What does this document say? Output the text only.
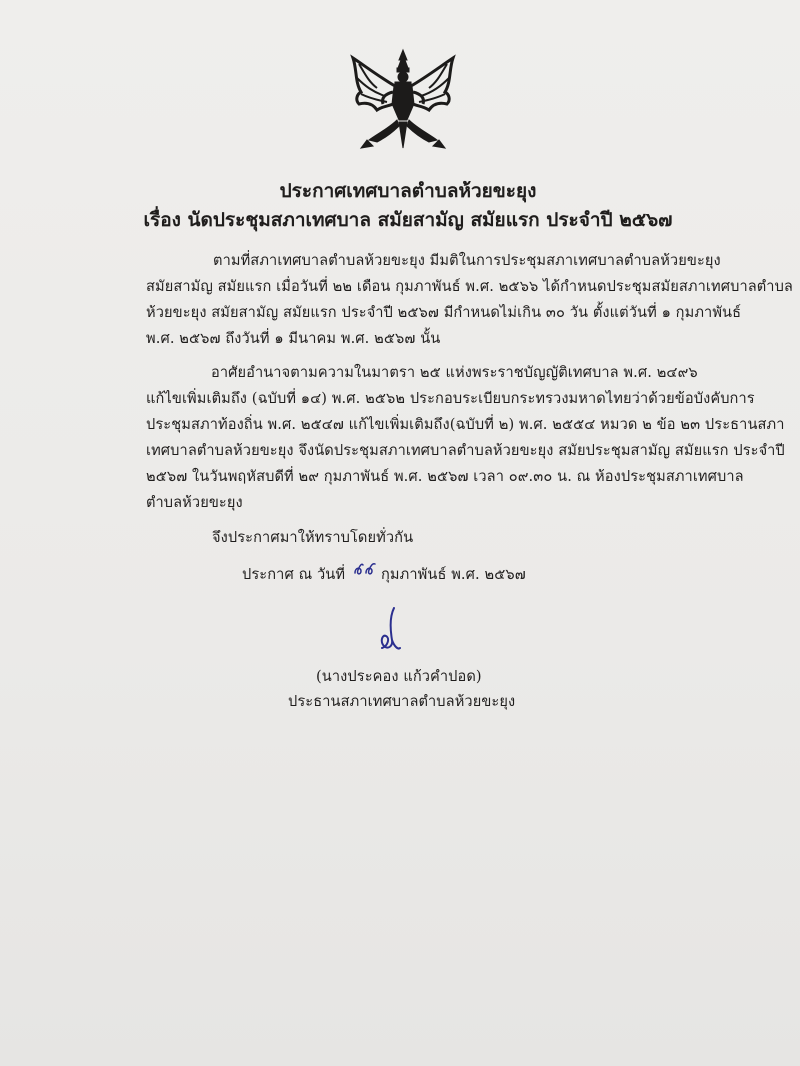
ประกาศเทศบาลตำบลห้วยขะยุง
เรื่อง นัดประชุมสภาเทศบาล สมัยสามัญ สมัยแรก ประจำปี ๒๕๖๗
ตามที่สภาเทศบาลตำบลห้วยขะยุง มีมติในการประชุมสภาเทศบาลตำบลห้วยขะยุง
สมัยสามัญ สมัยแรก เมื่อวันที่ ๒๒ เดือน กุมภาพันธ์ พ.ศ. ๒๕๖๖ ได้กำหนดประชุมสมัยสภาเทศบาลตำบล
ห้วยขะยุง สมัยสามัญ สมัยแรก ประจำปี ๒๕๖๗ มีกำหนดไม่เกิน ๓๐ วัน ตั้งแต่วันที่ ๑ กุมภาพันธ์
พ.ศ. ๒๕๖๗ ถึงวันที่ ๑ มีนาคม พ.ศ. ๒๕๖๗ นั้น
อาศัยอำนาจตามความในมาตรา ๒๕ แห่งพระราชบัญญัติเทศบาล พ.ศ. ๒๔๙๖
แก้ไขเพิ่มเติมถึง (ฉบับที่ ๑๔) พ.ศ. ๒๕๖๒ ประกอบระเบียบกระทรวงมหาดไทยว่าด้วยข้อบังคับการ
ประชุมสภาท้องถิ่น พ.ศ. ๒๕๔๗ แก้ไขเพิ่มเติมถึง(ฉบับที่ ๒) พ.ศ. ๒๕๕๔ หมวด ๒ ข้อ ๒๓ ประธานสภา
เทศบาลตำบลห้วยขะยุง จึงนัดประชุมสภาเทศบาลตำบลห้วยขะยุง สมัยประชุมสามัญ สมัยแรก ประจำปี
๒๕๖๗ ในวันพฤหัสบดีที่ ๒๙ กุมภาพันธ์ พ.ศ. ๒๕๖๗ เวลา ๐๙.๓๐ น. ณ ห้องประชุมสภาเทศบาล
ตำบลห้วยขะยุง
จึงประกาศมาให้ทราบโดยทั่วกัน
ประกาศ ณ วันที่ กุมภาพันธ์ พ.ศ. ๒๕๖๗
(นางประคอง แก้วคำปอด)
ประธานสภาเทศบาลตำบลห้วยขะยุง
